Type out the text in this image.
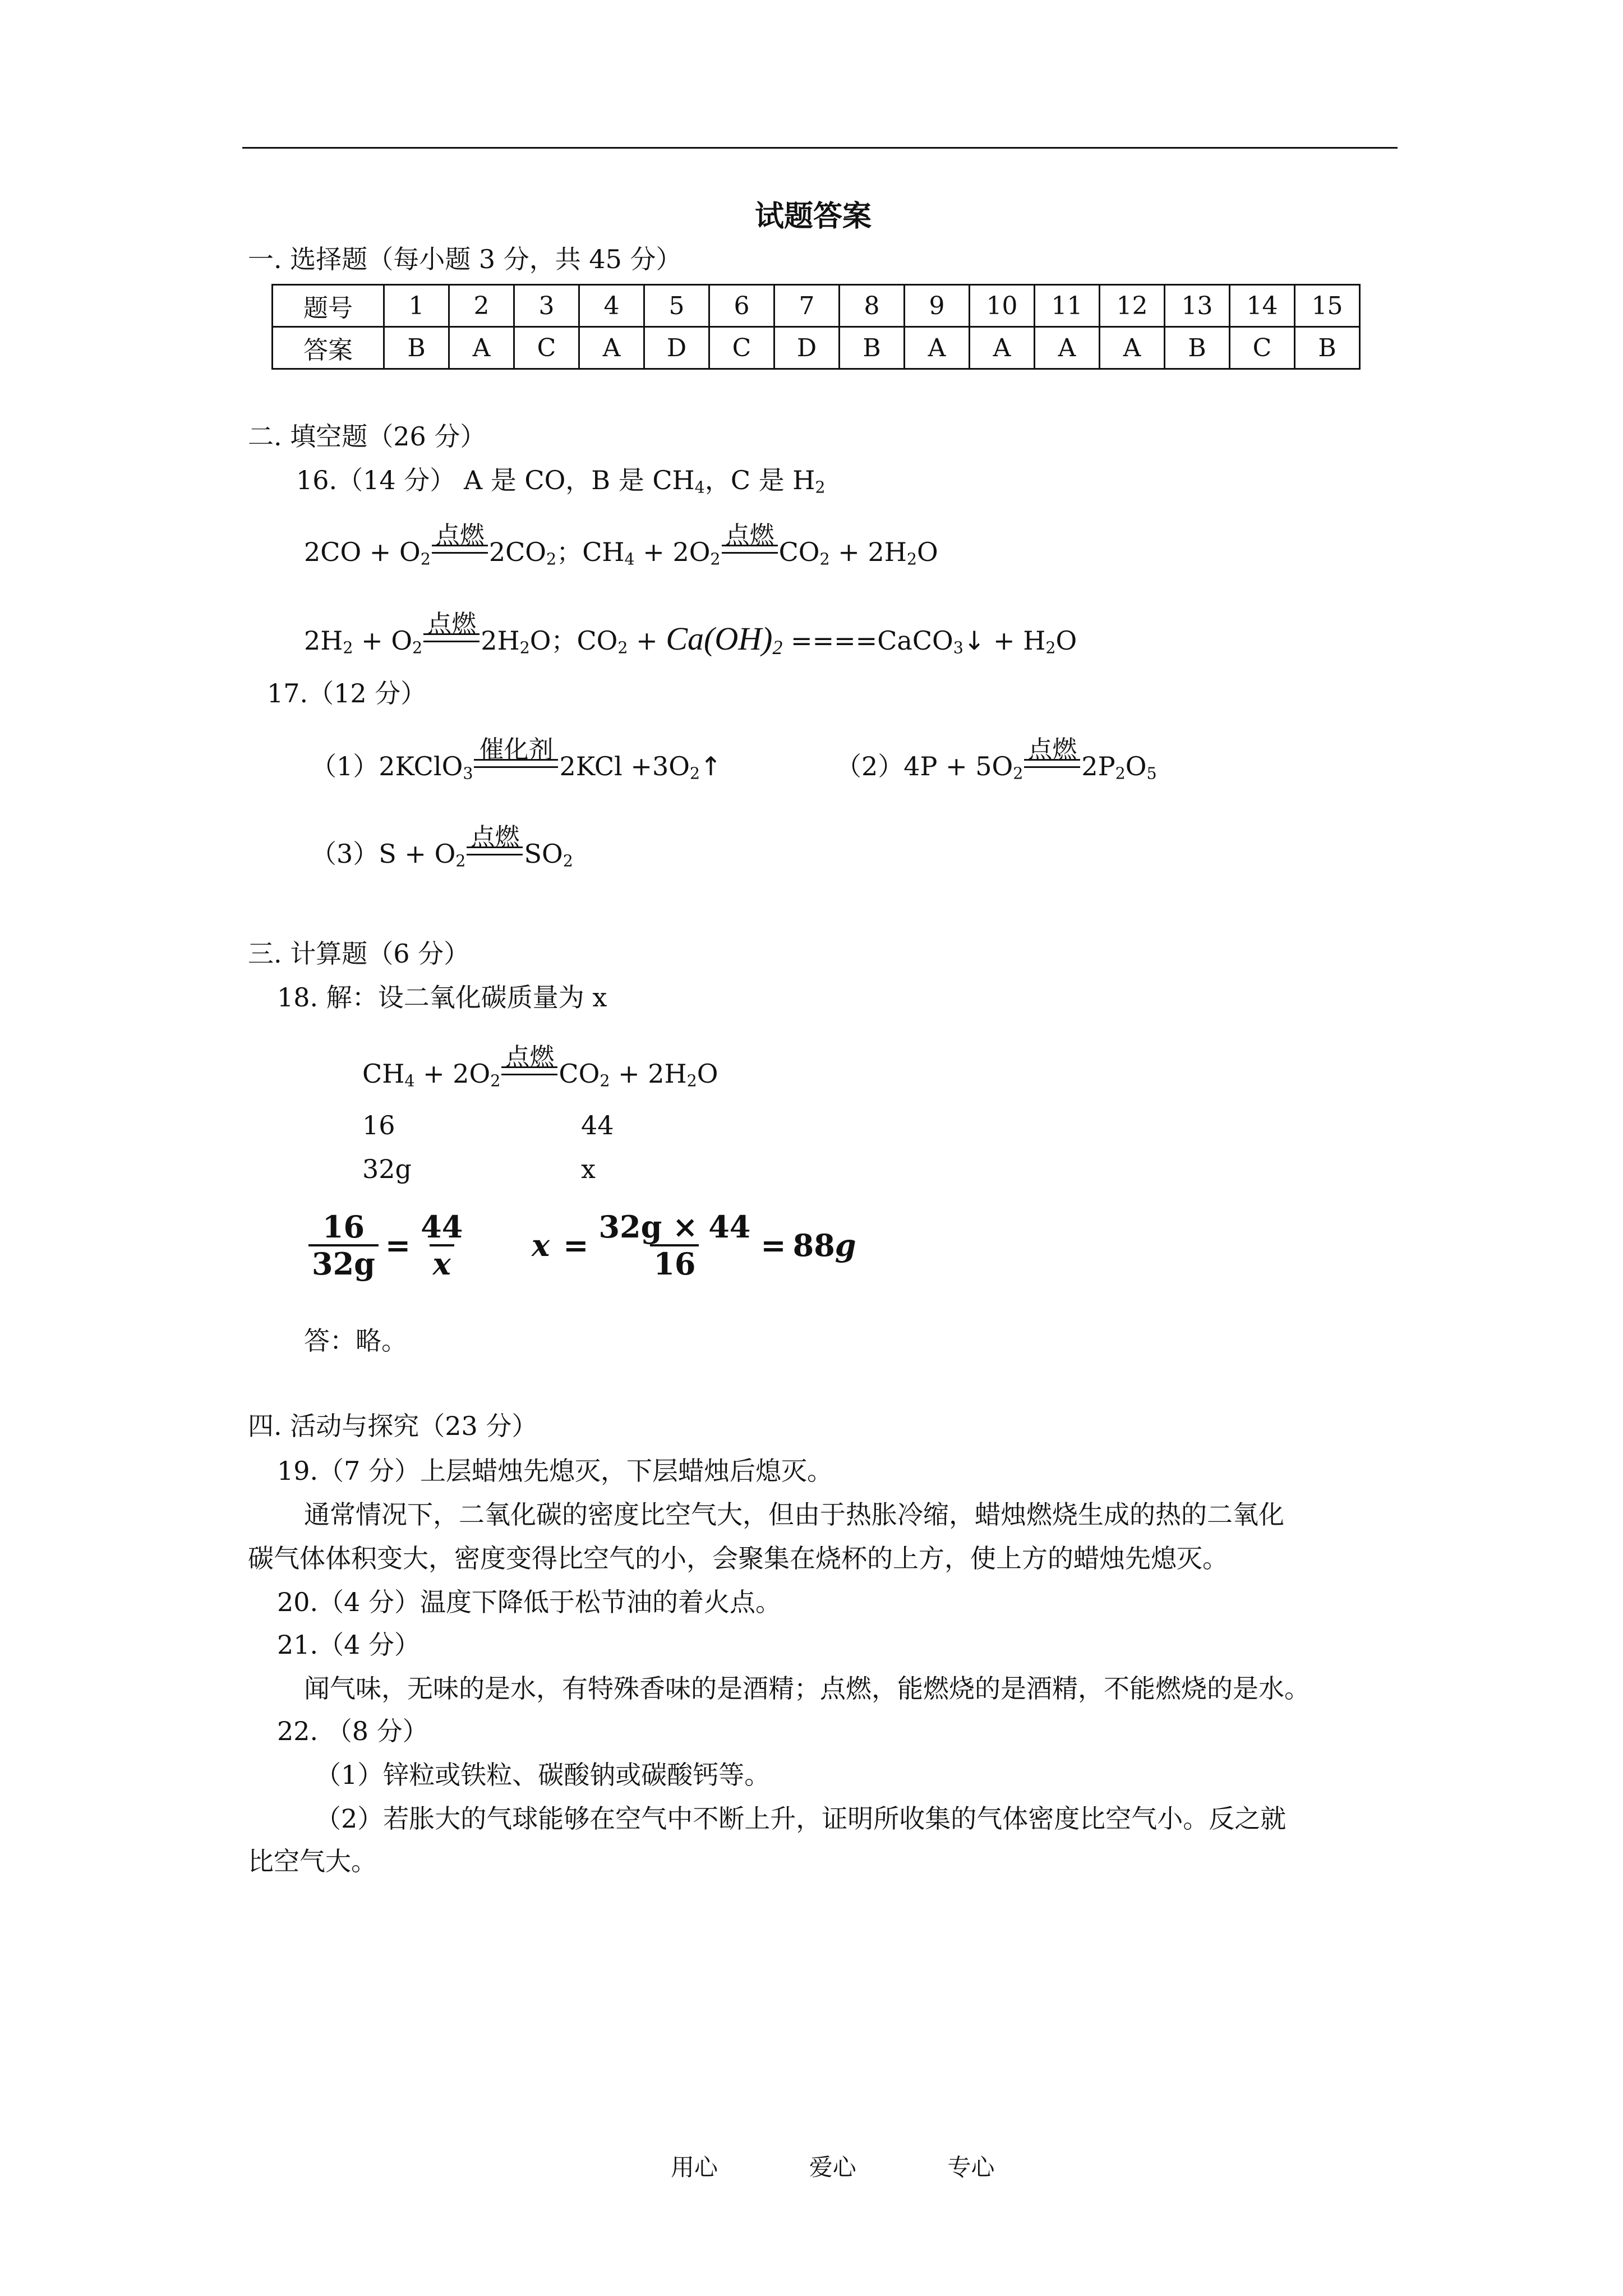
试题答案
一. 选择题（每小题 3 分，共 45 分）
题号	1	2	3	4	5	6	7	8	9	10	11	12	13	14	15
答案	B	A	C	A	D	C	D	B	A	A	A	A	B	C	B
二. 填空题（26 分）
16.（14 分） A 是 CO，B 是 $CH_4$，C 是 $H_2$
$2CO + O_2$
点燃
$2CO_2$；$CH_4 + 2O_2$
点燃
$CO_2 + 2H_2O$
$2H_2 + O_2$
点燃
$2H_2O$；$CO_2 + Ca(OH)_2$ ====CaCO$_3$↓ + $H_2O$
17.（12 分）
（1）2KClO$_3$
催化剂
$2KCl +3O_2↑$	$(2)4P + 5O_2$
点燃
$2P_2O_5$
$(3)S + O_2$
点燃
$SO_2$
三. 计算题（6 分）
18. 解：设二氧化碳质量为 x
$CH_4 + 2O_2$
点燃
$CO_2 + 2H_2O$
16	44
32g	x
$\frac{16}{32g} = \frac{44}{x}$ $x = \frac{32g \times 44}{16} = 88g$
答：略。
四. 活动与探究（23 分）
19.（7 分）上层蜡烛先熄灭，下层蜡烛后熄灭。
通常情况下，二氧化碳的密度比空气大，但由于热胀冷缩，蜡烛燃烧生成的热的二氧化
碳气体体积变大，密度变得比空气的小，会聚集在烧杯的上方，使上方的蜡烛先熄灭。
20.（4 分）温度下降低于松节油的着火点。
21.（4 分）
闻气味，无味的是水，有特殊香味的是酒精；点燃，能燃烧的是酒精，不能燃烧的是水。
22. （8 分）
（1）锌粒或铁粒、碳酸钠或碳酸钙等。
（2）若胀大的气球能够在空气中不断上升，证明所收集的气体密度比空气小。反之就
比空气大。
用心	爱心	专心
